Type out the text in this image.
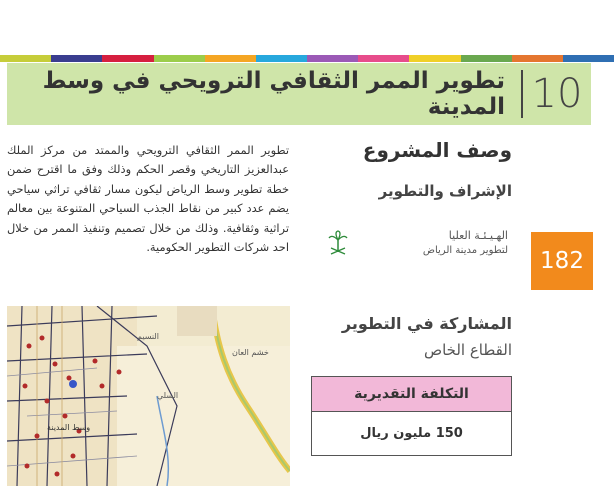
10
تطوير الممر الثقافي الترويحي في وسط المدينة
وصف المشروع
الإشراف والتطوير
الهـيـئـة العليا
لتطوير مدينة الرياض	182
المشاركة في التطوير
القطاع الخاص
التكلفة التقديرية
150 مليون ريال
تطوير الممر الثقافي الترويحي والممتد من مركز الملك عبدالعزيز التاريخي وقصر الحكم وذلك وفق ما اقترح ضمن خطة تطوير وسط الرياض ليكون مسار ثقافي تراثي سياحي يضم عدد كبير من نقاط الجذب السياحي المتنوعة بين معالم تراثية وثقافية. وذلك من خلال تصميم وتنفيذ الممر من خلال احد شركات التطوير الحكومية.
النسيم
خشم العان
السلي
وسط المدينة
